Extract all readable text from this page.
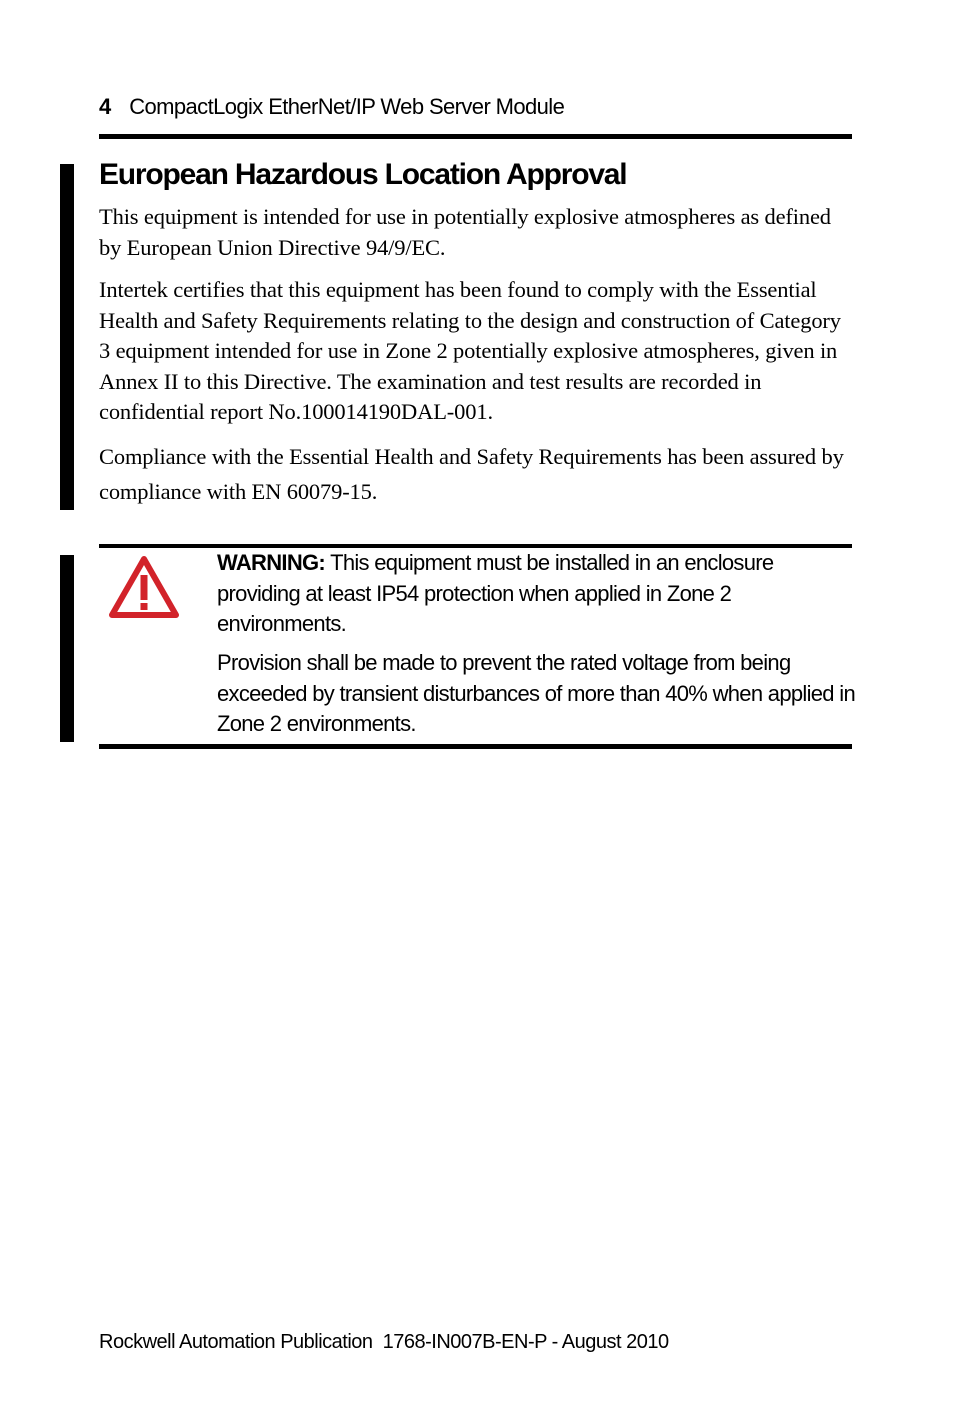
4 CompactLogix EtherNet/IP Web Server Module
European Hazardous Location Approval

This equipment is intended for use in potentially explosive atmospheres as defined by European Union Directive 94/9/EC.

Intertek certifies that this equipment has been found to comply with the Essential Health and Safety Requirements relating to the design and construction of Category 3 equipment intended for use in Zone 2 potentially explosive atmospheres, given in Annex II to this Directive. The examination and test results are recorded in confidential report No.100014190DAL-001.

Compliance with the Essential Health and Safety Requirements has been assured by compliance with EN 60079-15.

WARNING: This equipment must be installed in an enclosure providing at least IP54 protection when applied in Zone 2 environments.

Provision shall be made to prevent the rated voltage from being exceeded by transient disturbances of more than 40% when applied in Zone 2 environments.

Rockwell Automation Publication  1768-IN007B-EN-P - August 2010
